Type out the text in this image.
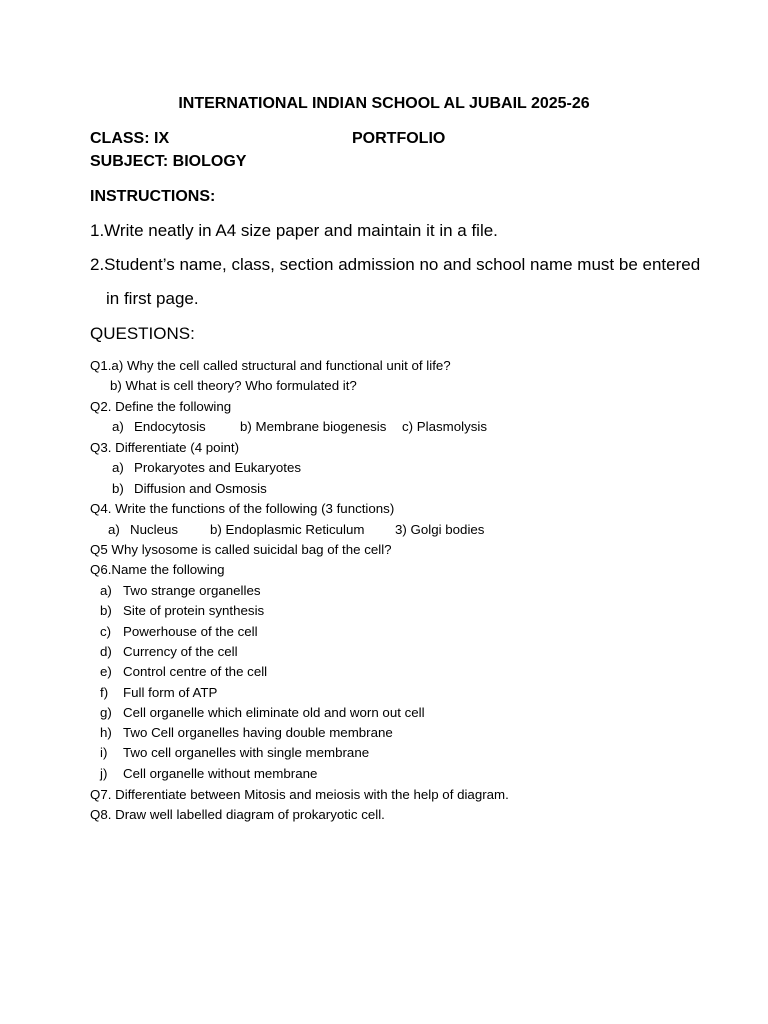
INTERNATIONAL INDIAN SCHOOL AL JUBAIL 2025-26
CLASS: IX	PORTFOLIO
SUBJECT: BIOLOGY
INSTRUCTIONS:
1.Write neatly in A4 size paper and maintain it in a file.
2.Student’s name, class, section admission no and school name must be entered
in first page.
QUESTIONS:
Q1.a) Why the cell called structural and functional unit of life?
b) What is cell theory? Who formulated it?
Q2. Define the following
a) Endocytosis	b) Membrane biogenesis c) Plasmolysis
Q3. Differentiate (4 point)
a) Prokaryotes and Eukaryotes
b) Diffusion and Osmosis
Q4. Write the functions of the following (3 functions)
a) Nucleus b) Endoplasmic Reticulum 3) Golgi bodies
Q5 Why lysosome is called suicidal bag of the cell?
Q6.Name the following
a) Two strange organelles
b) Site of protein synthesis
c) Powerhouse of the cell
d) Currency of the cell
e) Control centre of the cell
f) Full form of ATP
g) Cell organelle which eliminate old and worn out cell
h) Two Cell organelles having double membrane
i) Two cell organelles with single membrane
j) Cell organelle without membrane
Q7. Differentiate between Mitosis and meiosis with the help of diagram.
Q8. Draw well labelled diagram of prokaryotic cell.
